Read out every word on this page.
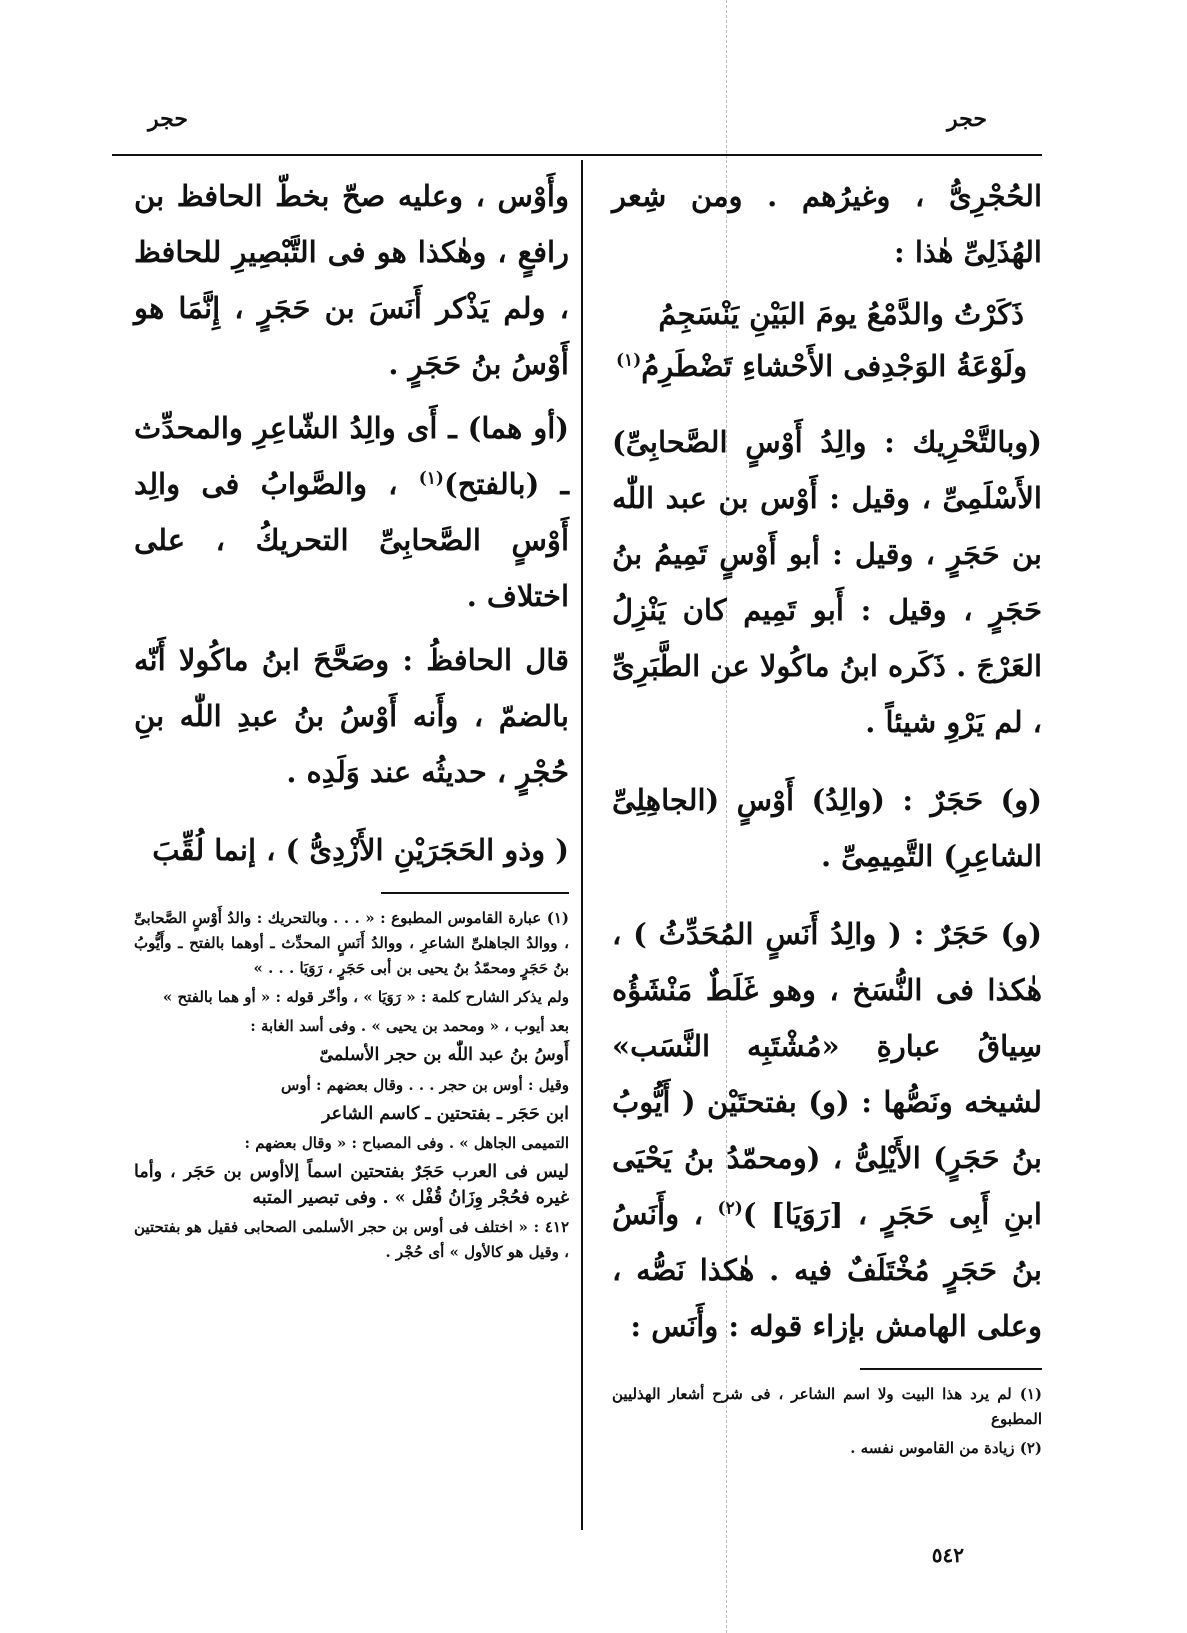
حجر
حجر

الحُجْرِىُّ ، وغيرُهم . ومن شِعر الهُذَلِىِّ هٰذا :

ذَكَرْتُ والدَّمْعُ يومَ البَيْنِ يَنْسَجِمُ
ولَوْعَةُ الوَجْدِفى الأَحْشاءِ تَضْطَرِمُ$^{(١)}$

(وبالتَّحْرِيك : والِدُ أَوْسٍ الصَّحابِىِّ) الأَسْلَمِىِّ ، وقيل : أَوْس بن عبد اللّٰه بن حَجَرٍ ، وقيل : أبو أَوْسٍ تَمِيمُ بنُ حَجَرٍ ، وقيل : أَبو تَمِيم كان يَنْزِلُ العَرْجَ . ذَكَره ابنُ ماكُولا عن الطَّبَرِىِّ ، لم يَرْوِ شيئاً .

(و) حَجَرٌ : (والِدُ) أَوْسٍ (الجاهِلِىِّ الشاعِرِ) التَّمِيمِىِّ .

(و) حَجَرٌ : ( والِدُ أَنَسٍ المُحَدِّثُ ) ، هٰكذا فى النُّسَخ ، وهو غَلَطٌ مَنْشَؤُه سِياقُ عبارةِ «مُشْتَبِه النَّسَب» لشيخه ونَصُّها : (و) بفتحتَيْن ( أَيُّوبُ بنُ حَجَرٍ) الأَيْلِىُّ ، (ومحمّدُ بنُ يَحْيَى ابنِ أَبِى حَجَرٍ ، [رَوَيَا] )$^{(٢)}$ ، وأَنَسُ بنُ حَجَرٍ مُخْتَلَفٌ فيه . هٰكذا نَصُّه ، وعلى الهامش بإزاء قوله : وأَنَس :

(١) لم يرد هذا البيت ولا اسم الشاعر ، فى شرح أشعار الهذليين المطبوع
(٢) زيادة من القاموس نفسه .

وأَوْس ، وعليه صحّ بخطّ الحافظ بن رافعٍ ، وهٰكذا هو فى التَّبْصِيرِ للحافظ ، ولم يَذْكر أَنَسَ بن حَجَرٍ ، إِنَّمَا هو أَوْسُ بنُ حَجَرٍ .

(أو هما) ـ أَى والِدُ الشّاعِرِ والمحدِّث ـ (بالفتح)$^{(١)}$ ، والصَّوابُ فى والِد أَوْسٍ الصَّحابِىِّ التحريكُ ، على اختلاف .

قال الحافظُ : وصَحَّحَ ابنُ ماكُولا أَنّه بالضمّ ، وأَنه أَوْسُ بنُ عبدِ اللّٰه بنِ حُجْرٍ ، حديثُه عند وَلَدِه .

( وذو الحَجَرَيْنِ الأَزْدِىُّ ) ، إنما لُقِّبَ

(١) عبارة القاموس المطبوع : « . . . وبالتحريك : والدُ أَوْسٍ الصَّحابىِّ ، ووالدُ الجاهلىِّ الشاعرِ ، ووالدُ أَنَسٍ المحدِّث ـ أوهما بالفتح ـ وأَيُّوبُ بنُ حَجَرٍ ومحمّدُ بنُ يحيى بن أبى حَجَرٍ ، رَوَيَا . . . »
ولم يذكر الشارح كلمة : « رَوَيَا » ، وأخّر قوله : « أو هما بالفتح »
بعد أيوب ، « ومحمد بن يحيى » . وفى أسد الغابة :
أَوسُ بنُ عبد اللّٰه بن حجر الأسلمىّ
وقيل : أوس بن حجر . . . وقال بعضهم : أوس
ابن حَجَر ـ بفتحتين ـ كاسم الشاعر
التميمى الجاهل » . وفى المصباح : « وقال بعضهم :
ليس فى العرب حَجَرٌ بفتحتين اسماً إلاأوس بن حَجَر ، وأما غيره فحُجْر وِزَانُ قُفْل » . وفى تبصير المتبه
٤١٢ : « اختلف فى أوس بن حجر الأسلمى الصحابى فقيل هو بفتحتين ، وقيل هو كالأول » أى حُجْر .
٥٤٢
